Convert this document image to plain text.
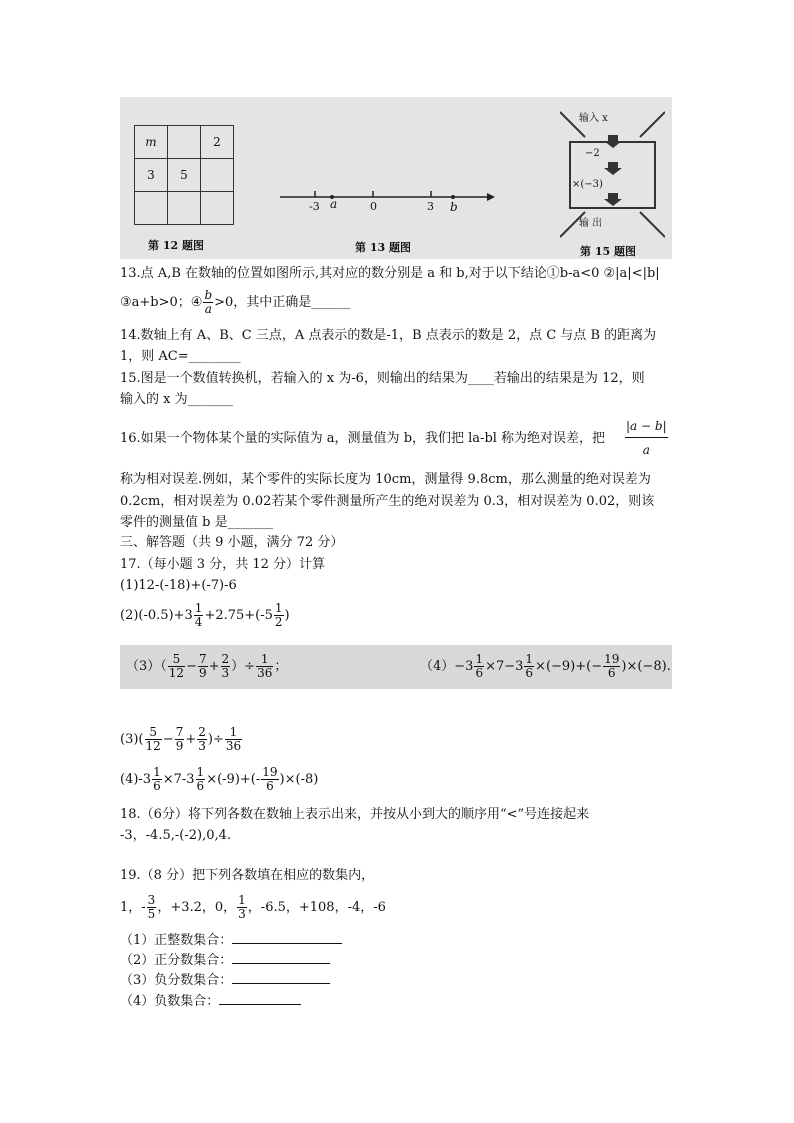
m		2
3	5	

第 12 题图
-3 a	0	3 b
第 13 题图
输入 x
−2
×(−3)
输 出
第 15 题图
13.点 A,B 在数轴的位置如图所示,其对应的数分别是 a 和 b,对于以下结论①b-a<0 ②|a|<|b|
③a+b>0；④ $\frac{b}{a} >0$，其中正确是______
14.数轴上有 A、B、C 三点，A 点表示的数是-1，B 点表示的数是 2，点 C 与点 B 的距离为
1，则 AC=________
15.图是一个数值转换机，若输入的 x 为-6，则输出的结果为____若输出的结果是为 12，则
输入的 x 为_______
16.如果一个物体某个量的实际值为 a，测量值为 b，我们把 la-bl 称为绝对误差，把 $\frac{|a - b|}{a}$
称为相对误差.例如，某个零件的实际长度为 10cm，测量得 9.8cm，那么测量的绝对误差为
0.2cm，相对误差为 0.02若某个零件测量所产生的绝对误差为 0.3，相对误差为 0.02，则该
零件的测量值 b 是_______
三、解答题（共 9 小题，满分 72 分）
17.（每小题 3 分，共 12 分）计算
(1)12-(-18)+(-7)-6
$(2)(-0.5)+3 \frac{1}{4} +2.75+(-5 \frac{1}{2}$ )
$(3)( \frac{5}{12} - \frac{7}{9} + \frac{2}{3}$ ）÷ $\frac{1}{36}$ ；	$(4)-3 \frac{1}{6} \times 7-3 \frac{1}{6} \times(-9)+(- \frac{19}{6} )\times(-8)$.
$(3)( \frac{5}{12} - \frac{7}{9} + \frac{2}{3}$ )÷ $\frac{1}{36}$
$(4)-3 \frac{1}{6} \times 7-3 \frac{1}{6} \times(-9)+(- \frac{19}{6} )\times(-8)$
18.（6分）将下列各数在数轴上表示出来，并按从小到大的顺序用“<”号连接起来
-3，-4.5,-(-2),0,4.
19.（8 分）把下列各数填在相应的数集内，
1，- $\frac{3}{5}$ ，+3.2，0， $\frac{1}{3}$ ，-6.5，+108，-4，-6
（1）正整数集合：
（2）正分数集合：
（3）负分数集合：
（4）负数集合：
